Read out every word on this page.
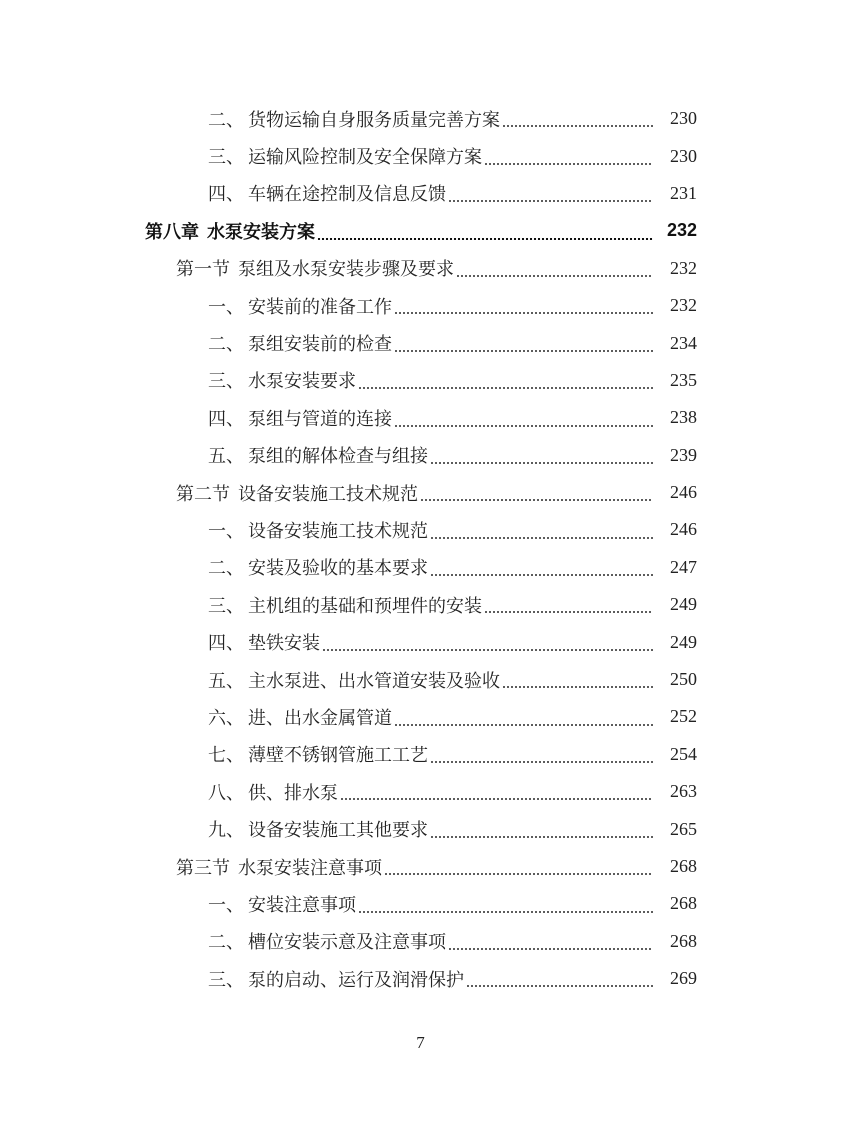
二、 货物运输自身服务质量完善方案	230
三、 运输风险控制及安全保障方案	230
四、 车辆在途控制及信息反馈	231
第八章 水泵安装方案	232
第一节 泵组及水泵安装步骤及要求	232
一、 安装前的准备工作	232
二、 泵组安装前的检查	234
三、 水泵安装要求	235
四、 泵组与管道的连接	238
五、 泵组的解体检查与组接	239
第二节 设备安装施工技术规范	246
一、 设备安装施工技术规范	246
二、 安装及验收的基本要求	247
三、 主机组的基础和预埋件的安装	249
四、 垫铁安装	249
五、 主水泵进、出水管道安装及验收	250
六、 进、出水金属管道	252
七、 薄壁不锈钢管施工工艺	254
八、 供、排水泵	263
九、 设备安装施工其他要求	265
第三节 水泵安装注意事项	268
一、 安装注意事项	268
二、 槽位安装示意及注意事项	268
三、 泵的启动、运行及润滑保护	269
7
